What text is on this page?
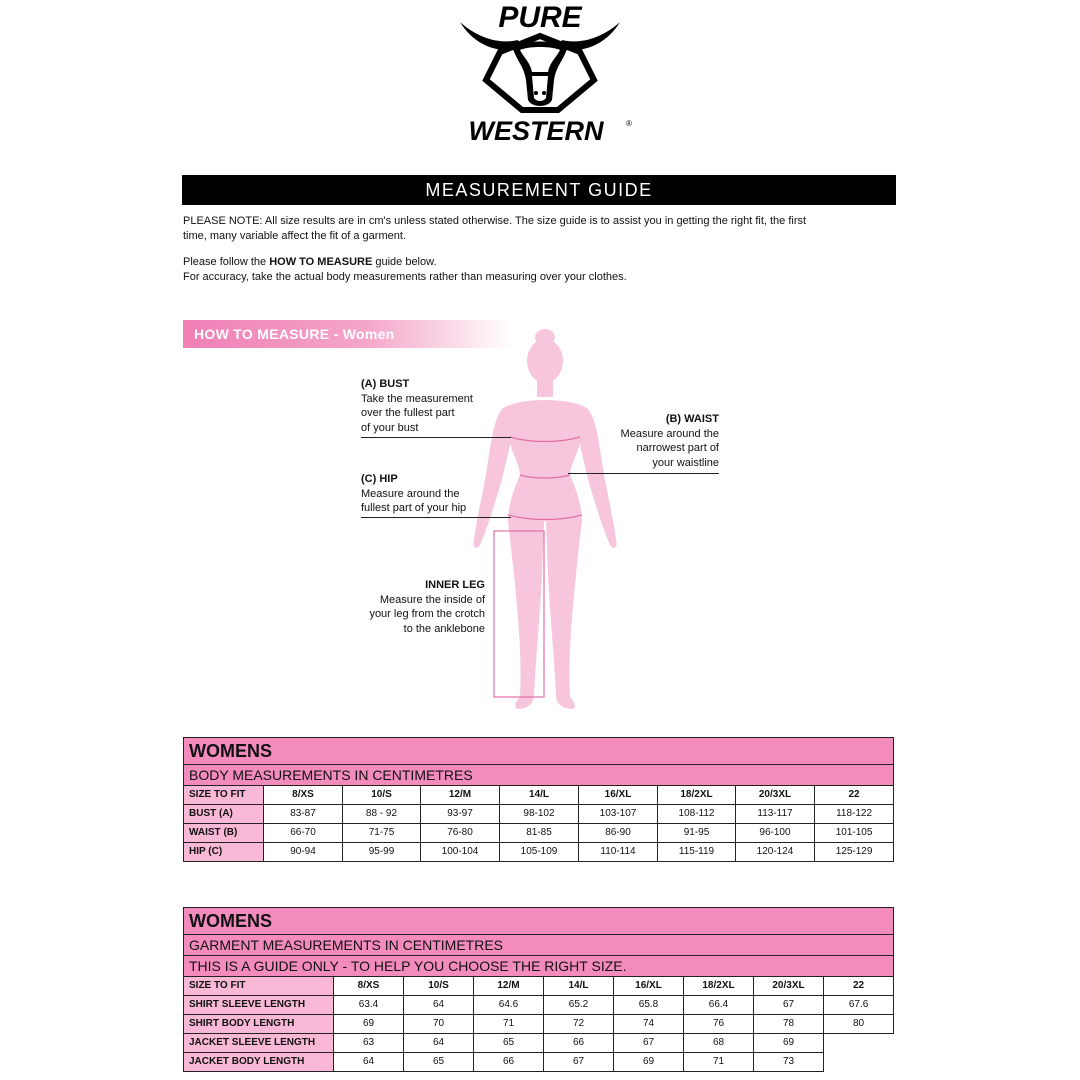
PURE
WESTERN	®
MEASUREMENT GUIDE
PLEASE NOTE: All size results are in cm's unless stated otherwise. The size guide is to assist you in getting the right fit, the first
time, many variable affect the fit of a garment.
Please follow the HOW TO MEASURE guide below.
For accuracy, take the actual body measurements rather than measuring over your clothes.
HOW TO MEASURE - Women
(A) BUST
Take the measurement
over the fullest part
of your bust
(B) WAIST
Measure around the
narrowest part of
your waistline
(C) HIP
Measure around the
fullest part of your hip
INNER LEG
Measure the inside of
your leg from the crotch
to the anklebone
WOMENS								
BODY MEASUREMENTS IN CENTIMETRES								
SIZE TO FIT	8/XS	10/S	12/M	14/L	16/XL	18/2XL	20/3XL	22
BUST (A)	83-87	88 - 92	93-97	98-102	103-107	108-112	113-117	118-122
WAIST (B)	66-70	71-75	76-80	81-85	86-90	91-95	96-100	101-105
HIP (C)	90-94	95-99	100-104	105-109	110-114	115-119	120-124	125-129
WOMENS								
GARMENT MEASUREMENTS IN CENTIMETRES								
THIS IS A GUIDE ONLY - TO HELP YOU CHOOSE THE RIGHT SIZE.								
SIZE TO FIT	8/XS	10/S	12/M	14/L	16/XL	18/2XL	20/3XL	22
SHIRT SLEEVE LENGTH	63.4	64	64.6	65.2	65.8	66.4	67	67.6
SHIRT BODY LENGTH	69	70	71	72	74	76	78	80
JACKET SLEEVE LENGTH	63	64	65	66	67	68	69	
JACKET BODY LENGTH	64	65	66	67	69	71	73	
